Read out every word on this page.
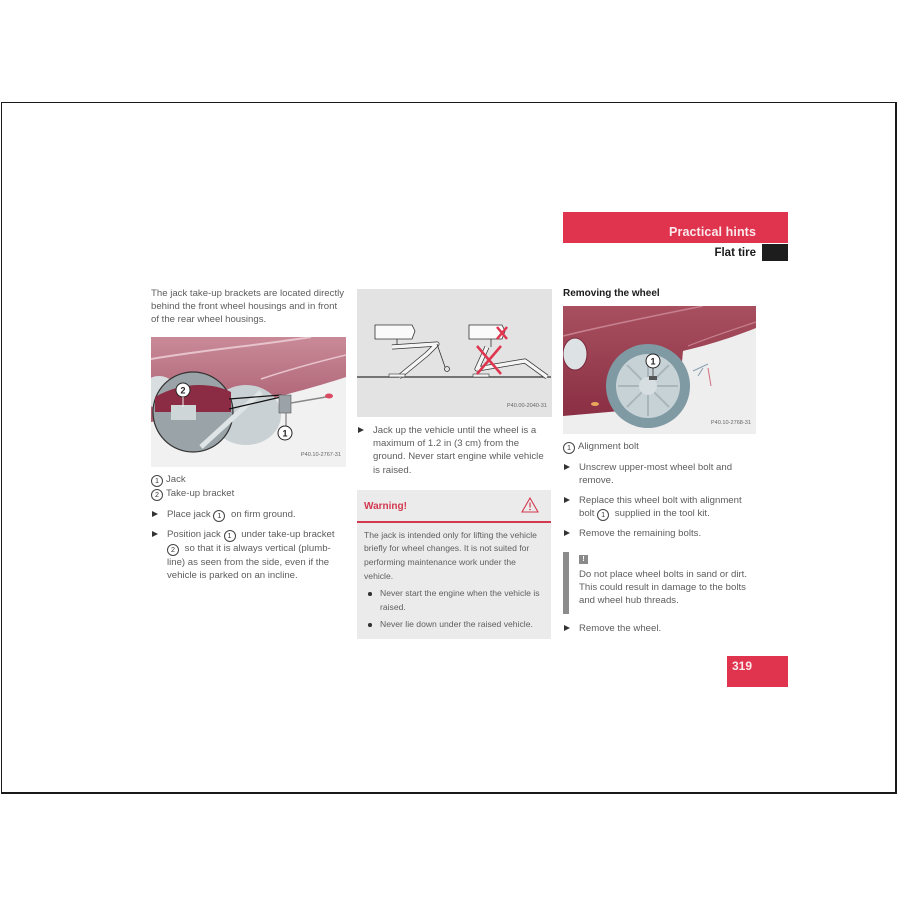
Practical hints
Flat tire

The jack take-up brackets are located directly behind the front wheel housings and in front of the rear wheel housings.

1
2
P40.10-2767-31
1 Jack
2 Take-up bracket
Place jack 1 on firm ground.
Position jack 1 under take-up bracket 2 so that it is always vertical (plumb-line) as seen from the side, even if the vehicle is parked on an incline.
P40.00-2040-31
Jack up the vehicle until the wheel is a maximum of 1.2 in (3 cm) from the ground. Never start engine while vehicle is raised.
Warning!
The jack is intended only for lifting the vehicle briefly for wheel changes. It is not suited for performing maintenance work under the vehicle.
Never start the engine when the vehicle is raised.
Never lie down under the raised vehicle.

Removing the wheel

1
P40.10-2768-31
1 Alignment bolt
Unscrew upper-most wheel bolt and remove.
Replace this wheel bolt with alignment bolt 1 supplied in the tool kit.
Remove the remaining bolts.
!
Do not place wheel bolts in sand or dirt. This could result in damage to the bolts and wheel hub threads.
Remove the wheel.
319
